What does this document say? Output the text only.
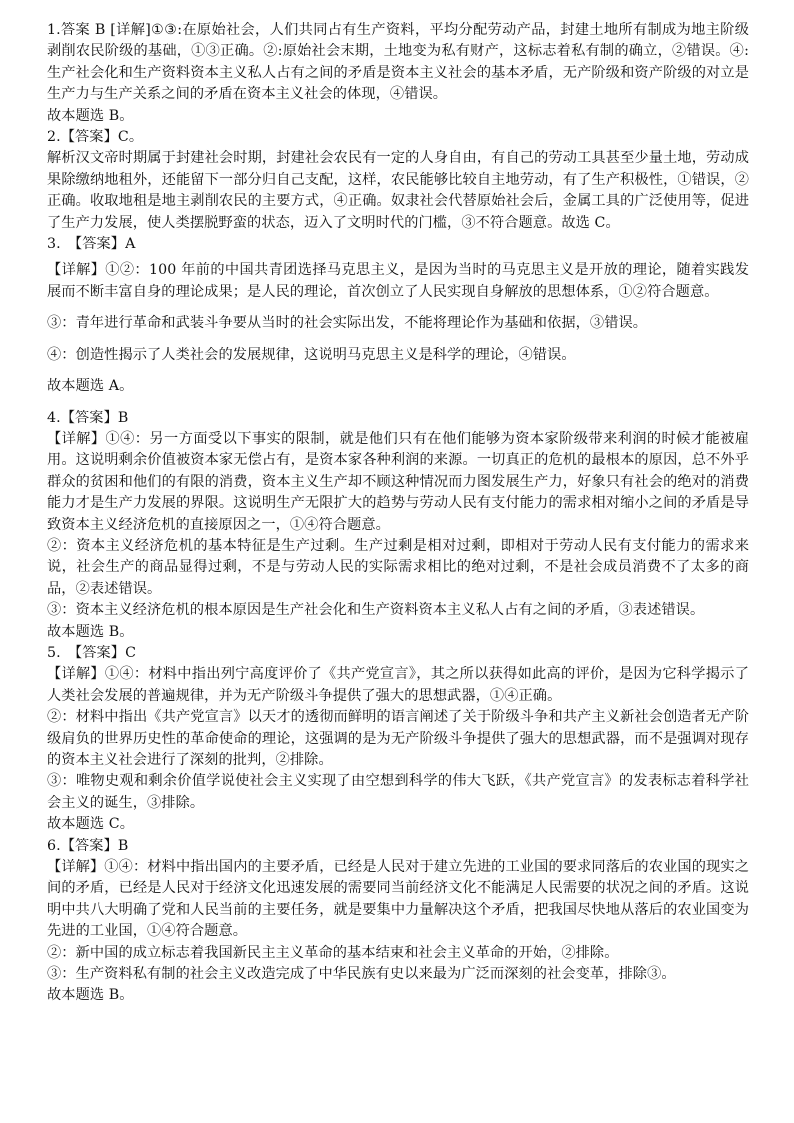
1.答案 B [详解]①③:在原始社会，人们共同占有生产资料，平均分配劳动产品，封建土地所有制成为地主阶级剥削农民阶级的基础，①③正确。②:原始社会末期，土地变为私有财产，这标志着私有制的确立，②错误。④:生产社会化和生产资料资本主义私人占有之间的矛盾是资本主义社会的基本矛盾，无产阶级和资产阶级的对立是生产力与生产关系之间的矛盾在资本主义社会的体现，④错误。

故本题选 B。

2.【答案】C。

解析汉文帝时期属于封建社会时期，封建社会农民有一定的人身自由，有自己的劳动工具甚至少量土地，劳动成果除缴纳地租外，还能留下一部分归自己支配，这样，农民能够比较自主地劳动，有了生产积极性，①错误，②正确。收取地租是地主剥削农民的主要方式，④正确。奴隶社会代替原始社会后，金属工具的广泛使用等，促进了生产力发展，使人类摆脱野蛮的状态，迈入了文明时代的门槛，③不符合题意。故选 C。

3.　【答案】A

【详解】①②：100 年前的中国共青团选择马克思主义，是因为当时的马克思主义是开放的理论，随着实践发展而不断丰富自身的理论成果；是人民的理论，首次创立了人民实现自身解放的思想体系，①②符合题意。

③：青年进行革命和武装斗争要从当时的社会实际出发，不能将理论作为基础和依据，③错误。

④：创造性揭示了人类社会的发展规律，这说明马克思主义是科学的理论，④错误。

故本题选 A。

4.【答案】B

【详解】①④：另一方面受以下事实的限制，就是他们只有在他们能够为资本家阶级带来利润的时候才能被雇用。这说明剩余价值被资本家无偿占有，是资本家各种利润的来源。一切真正的危机的最根本的原因，总不外乎群众的贫困和他们的有限的消费，资本主义生产却不顾这种情况而力图发展生产力，好象只有社会的绝对的消费能力才是生产力发展的界限。这说明生产无限扩大的趋势与劳动人民有支付能力的需求相对缩小之间的矛盾是导致资本主义经济危机的直接原因之一，①④符合题意。

②：资本主义经济危机的基本特征是生产过剩。生产过剩是相对过剩，即相对于劳动人民有支付能力的需求来说，社会生产的商品显得过剩，不是与劳动人民的实际需求相比的绝对过剩，不是社会成员消费不了太多的商品，②表述错误。

③：资本主义经济危机的根本原因是生产社会化和生产资料资本主义私人占有之间的矛盾，③表述错误。

故本题选 B。

5.　【答案】C

【详解】①④：材料中指出列宁高度评价了《共产党宣言》，其之所以获得如此高的评价，是因为它科学揭示了人类社会发展的普遍规律，并为无产阶级斗争提供了强大的思想武器，①④正确。

②：材料中指出《共产党宣言》以天才的透彻而鲜明的语言阐述了关于阶级斗争和共产主义新社会创造者无产阶级肩负的世界历史性的革命使命的理论，这强调的是为无产阶级斗争提供了强大的思想武器，而不是强调对现存的资本主义社会进行了深刻的批判，②排除。

③：唯物史观和剩余价值学说使社会主义实现了由空想到科学的伟大飞跃，《共产党宣言》的发表标志着科学社会主义的诞生，③排除。

故本题选 C。

6.【答案】B

【详解】①④：材料中指出国内的主要矛盾，已经是人民对于建立先进的工业国的要求同落后的农业国的现实之间的矛盾，已经是人民对于经济文化迅速发展的需要同当前经济文化不能满足人民需要的状况之间的矛盾。这说明中共八大明确了党和人民当前的主要任务，就是要集中力量解决这个矛盾，把我国尽快地从落后的农业国变为先进的工业国，①④符合题意。

②：新中国的成立标志着我国新民主主义革命的基本结束和社会主义革命的开始，②排除。

③：生产资料私有制的社会主义改造完成了中华民族有史以来最为广泛而深刻的社会变革，排除③。

故本题选 B。
